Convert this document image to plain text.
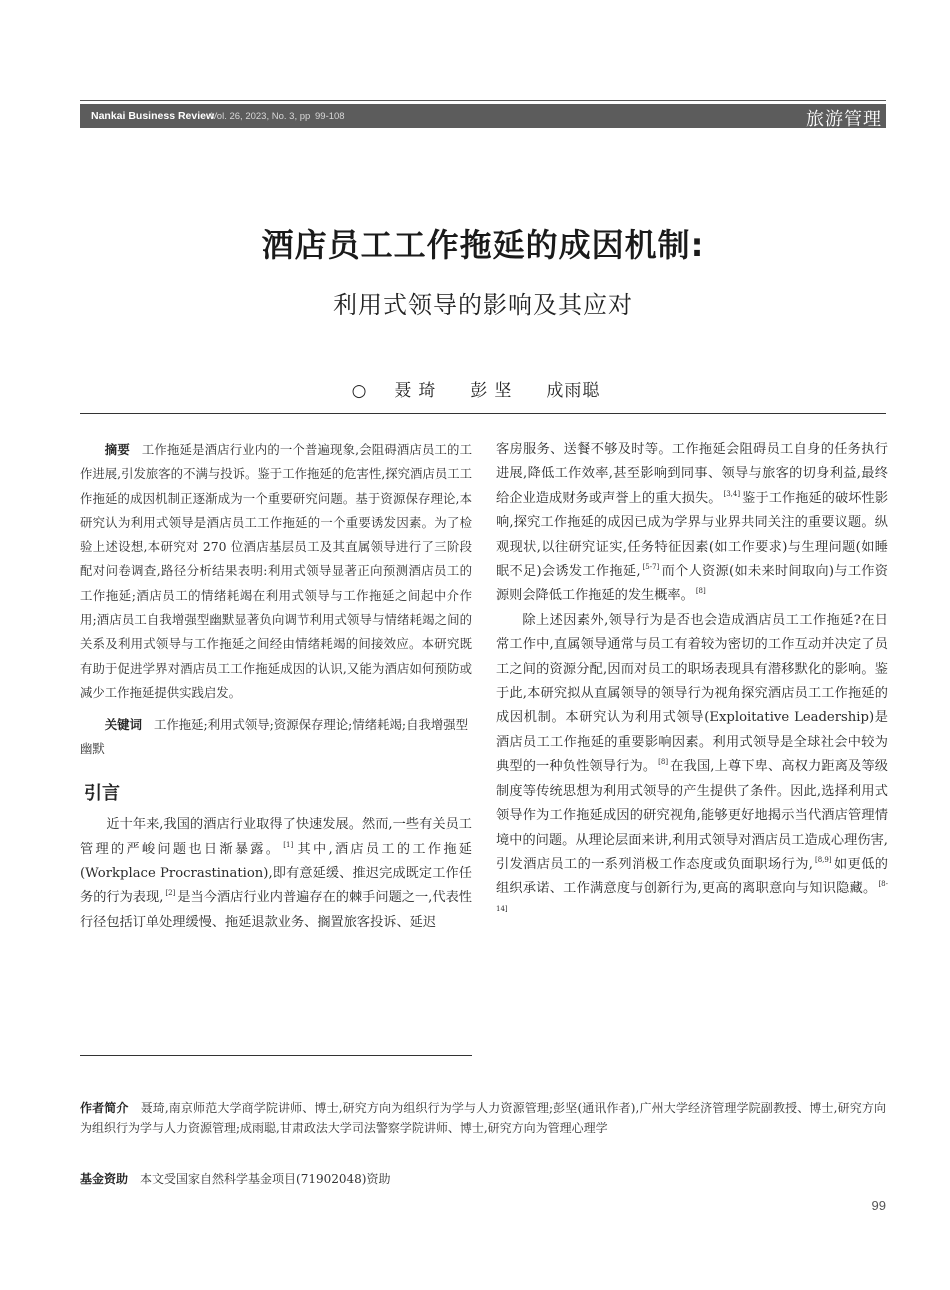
Nankai Business Review
Vol. 26, 2023, No. 3, pp 99-108	旅游管理
酒店员工工作拖延的成因机制:
利用式领导的影响及其应对
○ 聂琦 彭坚 成雨聪

摘要 工作拖延是酒店行业内的一个普遍现象,会阻碍酒店员工的工作进展,引发旅客的不满与投诉。鉴于工作拖延的危害性,探究酒店员工工作拖延的成因机制正逐渐成为一个重要研究问题。基于资源保存理论,本研究认为利用式领导是酒店员工工作拖延的一个重要诱发因素。为了检验上述设想,本研究对 270 位酒店基层员工及其直属领导进行了三阶段配对问卷调查,路径分析结果表明:利用式领导显著正向预测酒店员工的工作拖延;酒店员工的情绪耗竭在利用式领导与工作拖延之间起中介作用;酒店员工自我增强型幽默显著负向调节利用式领导与情绪耗竭之间的关系及利用式领导与工作拖延之间经由情绪耗竭的间接效应。本研究既有助于促进学界对酒店员工工作拖延成因的认识,又能为酒店如何预防或减少工作拖延提供实践启发。

关键词 工作拖延;利用式领导;资源保存理论;情绪耗竭;自我增强型幽默

引言

近十年来,我国的酒店行业取得了快速发展。然而,一些有关员工管理的严峻问题也日渐暴露。 [1] 其中,酒店员工的工作拖延(Workplace Procrastination),即有意延缓、推迟完成既定工作任务的行为表现, [2] 是当今酒店行业内普遍存在的棘手问题之一,代表性行径包括订单处理缓慢、拖延退款业务、搁置旅客投诉、延迟

客房服务、送餐不够及时等。工作拖延会阻碍员工自身的任务执行进展,降低工作效率,甚至影响到同事、领导与旅客的切身利益,最终给企业造成财务或声誉上的重大损失。 [3,4] 鉴于工作拖延的破坏性影响,探究工作拖延的成因已成为学界与业界共同关注的重要议题。纵观现状,以往研究证实,任务特征因素(如工作要求)与生理问题(如睡眠不足)会诱发工作拖延, [5-7] 而个人资源(如未来时间取向)与工作资源则会降低工作拖延的发生概率。 [8]

除上述因素外,领导行为是否也会造成酒店员工工作拖延?在日常工作中,直属领导通常与员工有着较为密切的工作互动并决定了员工之间的资源分配,因而对员工的职场表现具有潜移默化的影响。鉴于此,本研究拟从直属领导的领导行为视角探究酒店员工工作拖延的成因机制。本研究认为利用式领导(Exploitative Leadership)是酒店员工工作拖延的重要影响因素。利用式领导是全球社会中较为典型的一种负性领导行为。 [8] 在我国,上尊下卑、高权力距离及等级制度等传统思想为利用式领导的产生提供了条件。因此,选择利用式领导作为工作拖延成因的研究视角,能够更好地揭示当代酒店管理情境中的问题。从理论层面来讲,利用式领导对酒店员工造成心理伤害,引发酒店员工的一系列消极工作态度或负面职场行为, [8,9] 如更低的组织承诺、工作满意度与创新行为,更高的离职意向与知识隐藏。 [8-14]

作者简介 聂琦,南京师范大学商学院讲师、博士,研究方向为组织行为学与人力资源管理;彭坚(通讯作者),广州大学经济管理学院副教授、博士,研究方向为组织行为学与人力资源管理;成雨聪,甘肃政法大学司法警察学院讲师、博士,研究方向为管理心理学
基金资助 本文受国家自然科学基金项目(71902048)资助
99
